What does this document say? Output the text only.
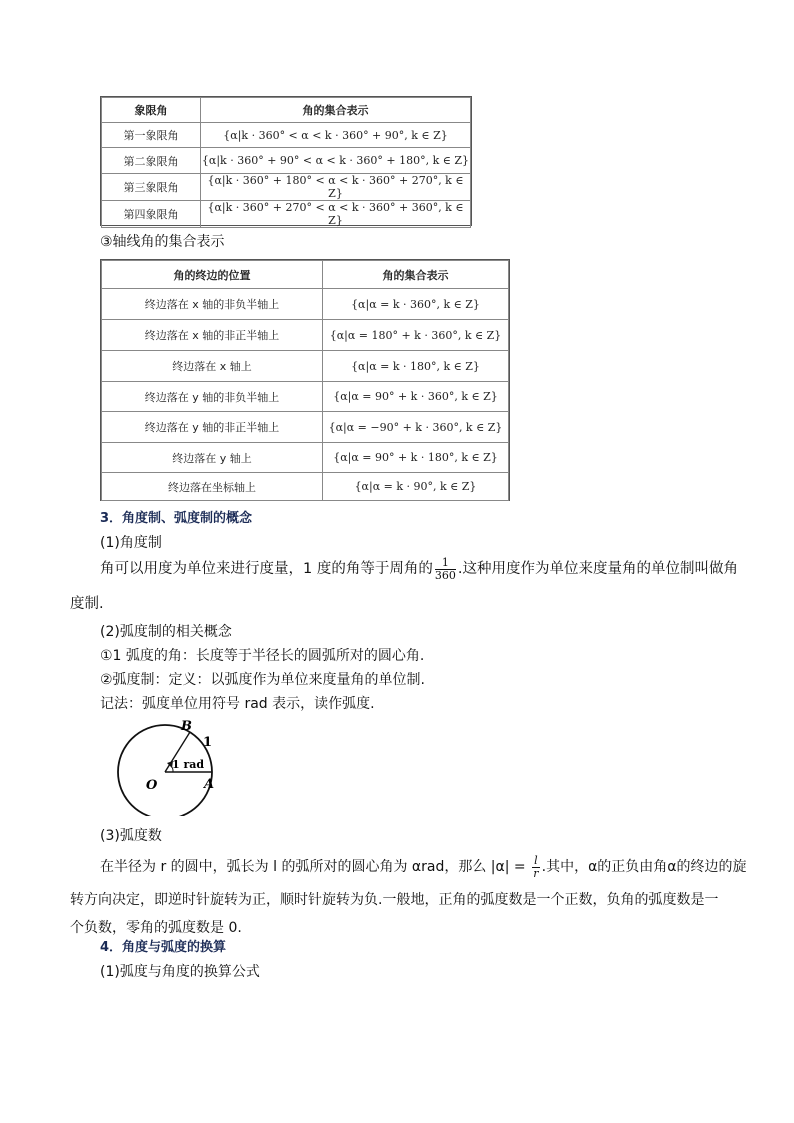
象限角	角的集合表示
第一象限角	{α|k · 360° < α < k · 360° + 90°, k ∈ Z}
第二象限角	{α|k · 360° + 90° < α < k · 360° + 180°, k ∈ Z}
第三象限角	{α|k · 360° + 180° < α < k · 360° + 270°, k ∈ Z}
第四象限角	{α|k · 360° + 270° < α < k · 360° + 360°, k ∈ Z}
③轴线角的集合表示
角的终边的位置	角的集合表示
终边落在 x 轴的非负半轴上	{α|α = k · 360°, k ∈ Z}
终边落在 x 轴的非正半轴上	{α|α = 180° + k · 360°, k ∈ Z}
终边落在 x 轴上	{α|α = k · 180°, k ∈ Z}
终边落在 y 轴的非负半轴上	{α|α = 90° + k · 360°, k ∈ Z}
终边落在 y 轴的非正半轴上	{α|α = −90° + k · 360°, k ∈ Z}
终边落在 y 轴上	{α|α = 90° + k · 180°, k ∈ Z}
终边落在坐标轴上	{α|α = k · 90°, k ∈ Z}
3．角度制、弧度制的概念
(1)角度制
角可以用度为单位来进行度量，1 度的角等于周角的 $\frac{1}{360}$ .这种用度作为单位来度量角的单位制叫做角
度制.
(2)弧度制的相关概念
①1 弧度的角：长度等于半径长的圆弧所对的圆心角.
②弧度制：定义：以弧度作为单位来度量角的单位制.
记法：弧度单位用符号 rad 表示，读作弧度.
B
1
1 rad
O	A
(3)弧度数
在半径为 r 的圆中，弧长为 l 的弧所对的圆心角为 αrad，那么 $|\alpha| = \frac{l}{r}$ .其中，α的正负由角α的终边的旋
转方向决定，即逆时针旋转为正，顺时针旋转为负.一般地，正角的弧度数是一个正数，负角的弧度数是一
个负数，零角的弧度数是 0.
4．角度与弧度的换算
(1)弧度与角度的换算公式
